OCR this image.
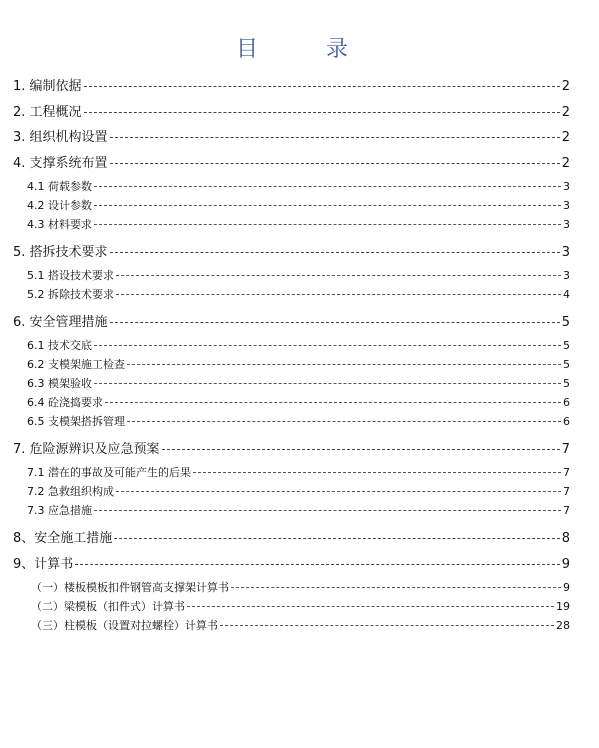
目	录
1. 编制依据	2
2. 工程概况	2
3. 组织机构设置	2
4. 支撑系统布置	2
4.1 荷载参数	3
4.2 设计参数	3
4.3 材料要求	3
5. 搭拆技术要求	3
5.1 搭设技术要求	3
5.2 拆除技术要求	4
6. 安全管理措施	5
6.1 技术交底	5
6.2 支模架施工检查	5
6.3 模架验收	5
6.4 砼浇捣要求	6
6.5 支模架搭拆管理	6
7. 危险源辨识及应急预案	7
7.1 潜在的事故及可能产生的后果	7
7.2 急救组织构成	7
7.3 应急措施	7
8、安全施工措施	8
9、计算书	9
（一）楼板模板扣件钢管高支撑架计算书	9
（二）梁模板（扣件式）计算书	19
（三）柱模板（设置对拉螺栓）计算书	28
